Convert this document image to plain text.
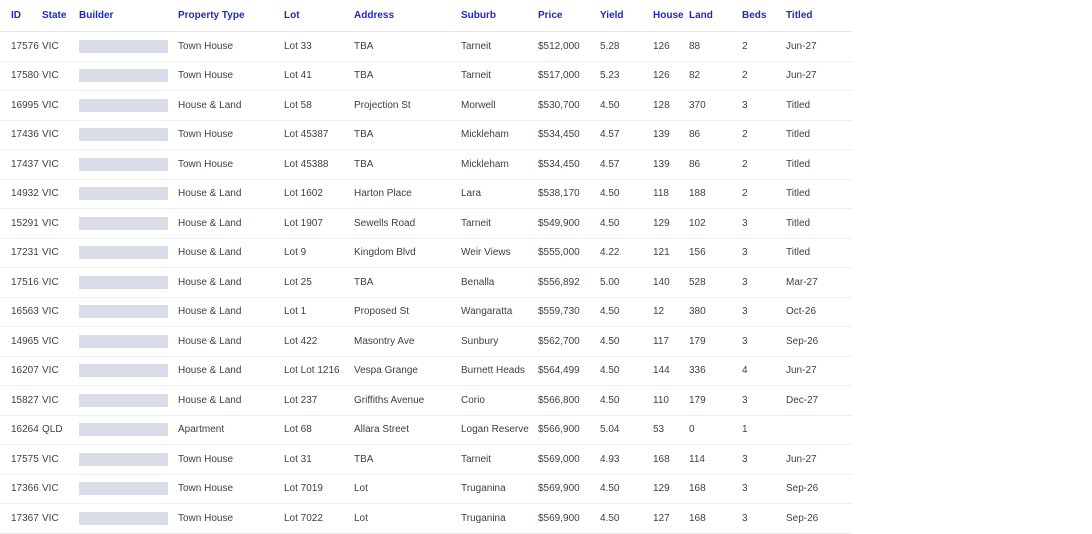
ID	State	Builder	Property Type	Lot	Address	Suburb	Price	Yield	House	Land	Beds	Titled
17576	VIC		Town House	Lot 33	TBA	Tarneit	$512,000	5.28	126	88	2	Jun-27
17580	VIC		Town House	Lot 41	TBA	Tarneit	$517,000	5.23	126	82	2	Jun-27
16995	VIC		House & Land	Lot 58	Projection St	Morwell	$530,700	4.50	128	370	3	Titled
17436	VIC		Town House	Lot 45387	TBA	Mickleham	$534,450	4.57	139	86	2	Titled
17437	VIC		Town House	Lot 45388	TBA	Mickleham	$534,450	4.57	139	86	2	Titled
14932	VIC		House & Land	Lot 1602	Harton Place	Lara	$538,170	4.50	118	188	2	Titled
15291	VIC		House & Land	Lot 1907	Sewells Road	Tarneit	$549,900	4.50	129	102	3	Titled
17231	VIC		House & Land	Lot 9	Kingdom Blvd	Weir Views	$555,000	4.22	121	156	3	Titled
17516	VIC		House & Land	Lot 25	TBA	Benalla	$556,892	5.00	140	528	3	Mar-27
16563	VIC		House & Land	Lot 1	Proposed St	Wangaratta	$559,730	4.50	12	380	3	Oct-26
14965	VIC		House & Land	Lot 422	Masontry Ave	Sunbury	$562,700	4.50	117	179	3	Sep-26
16207	VIC		House & Land	Lot Lot 1216	Vespa Grange	Burnett Heads	$564,499	4.50	144	336	4	Jun-27
15827	VIC		House & Land	Lot 237	Griffiths Avenue	Corio	$566,800	4.50	110	179	3	Dec-27
16264	QLD		Apartment	Lot 68	Allara Street	Logan Reserve	$566,900	5.04	53	0	1	
17575	VIC		Town House	Lot 31	TBA	Tarneit	$569,000	4.93	168	114	3	Jun-27
17366	VIC		Town House	Lot 7019	Lot	Truganina	$569,900	4.50	129	168	3	Sep-26
17367	VIC		Town House	Lot 7022	Lot	Truganina	$569,900	4.50	127	168	3	Sep-26
